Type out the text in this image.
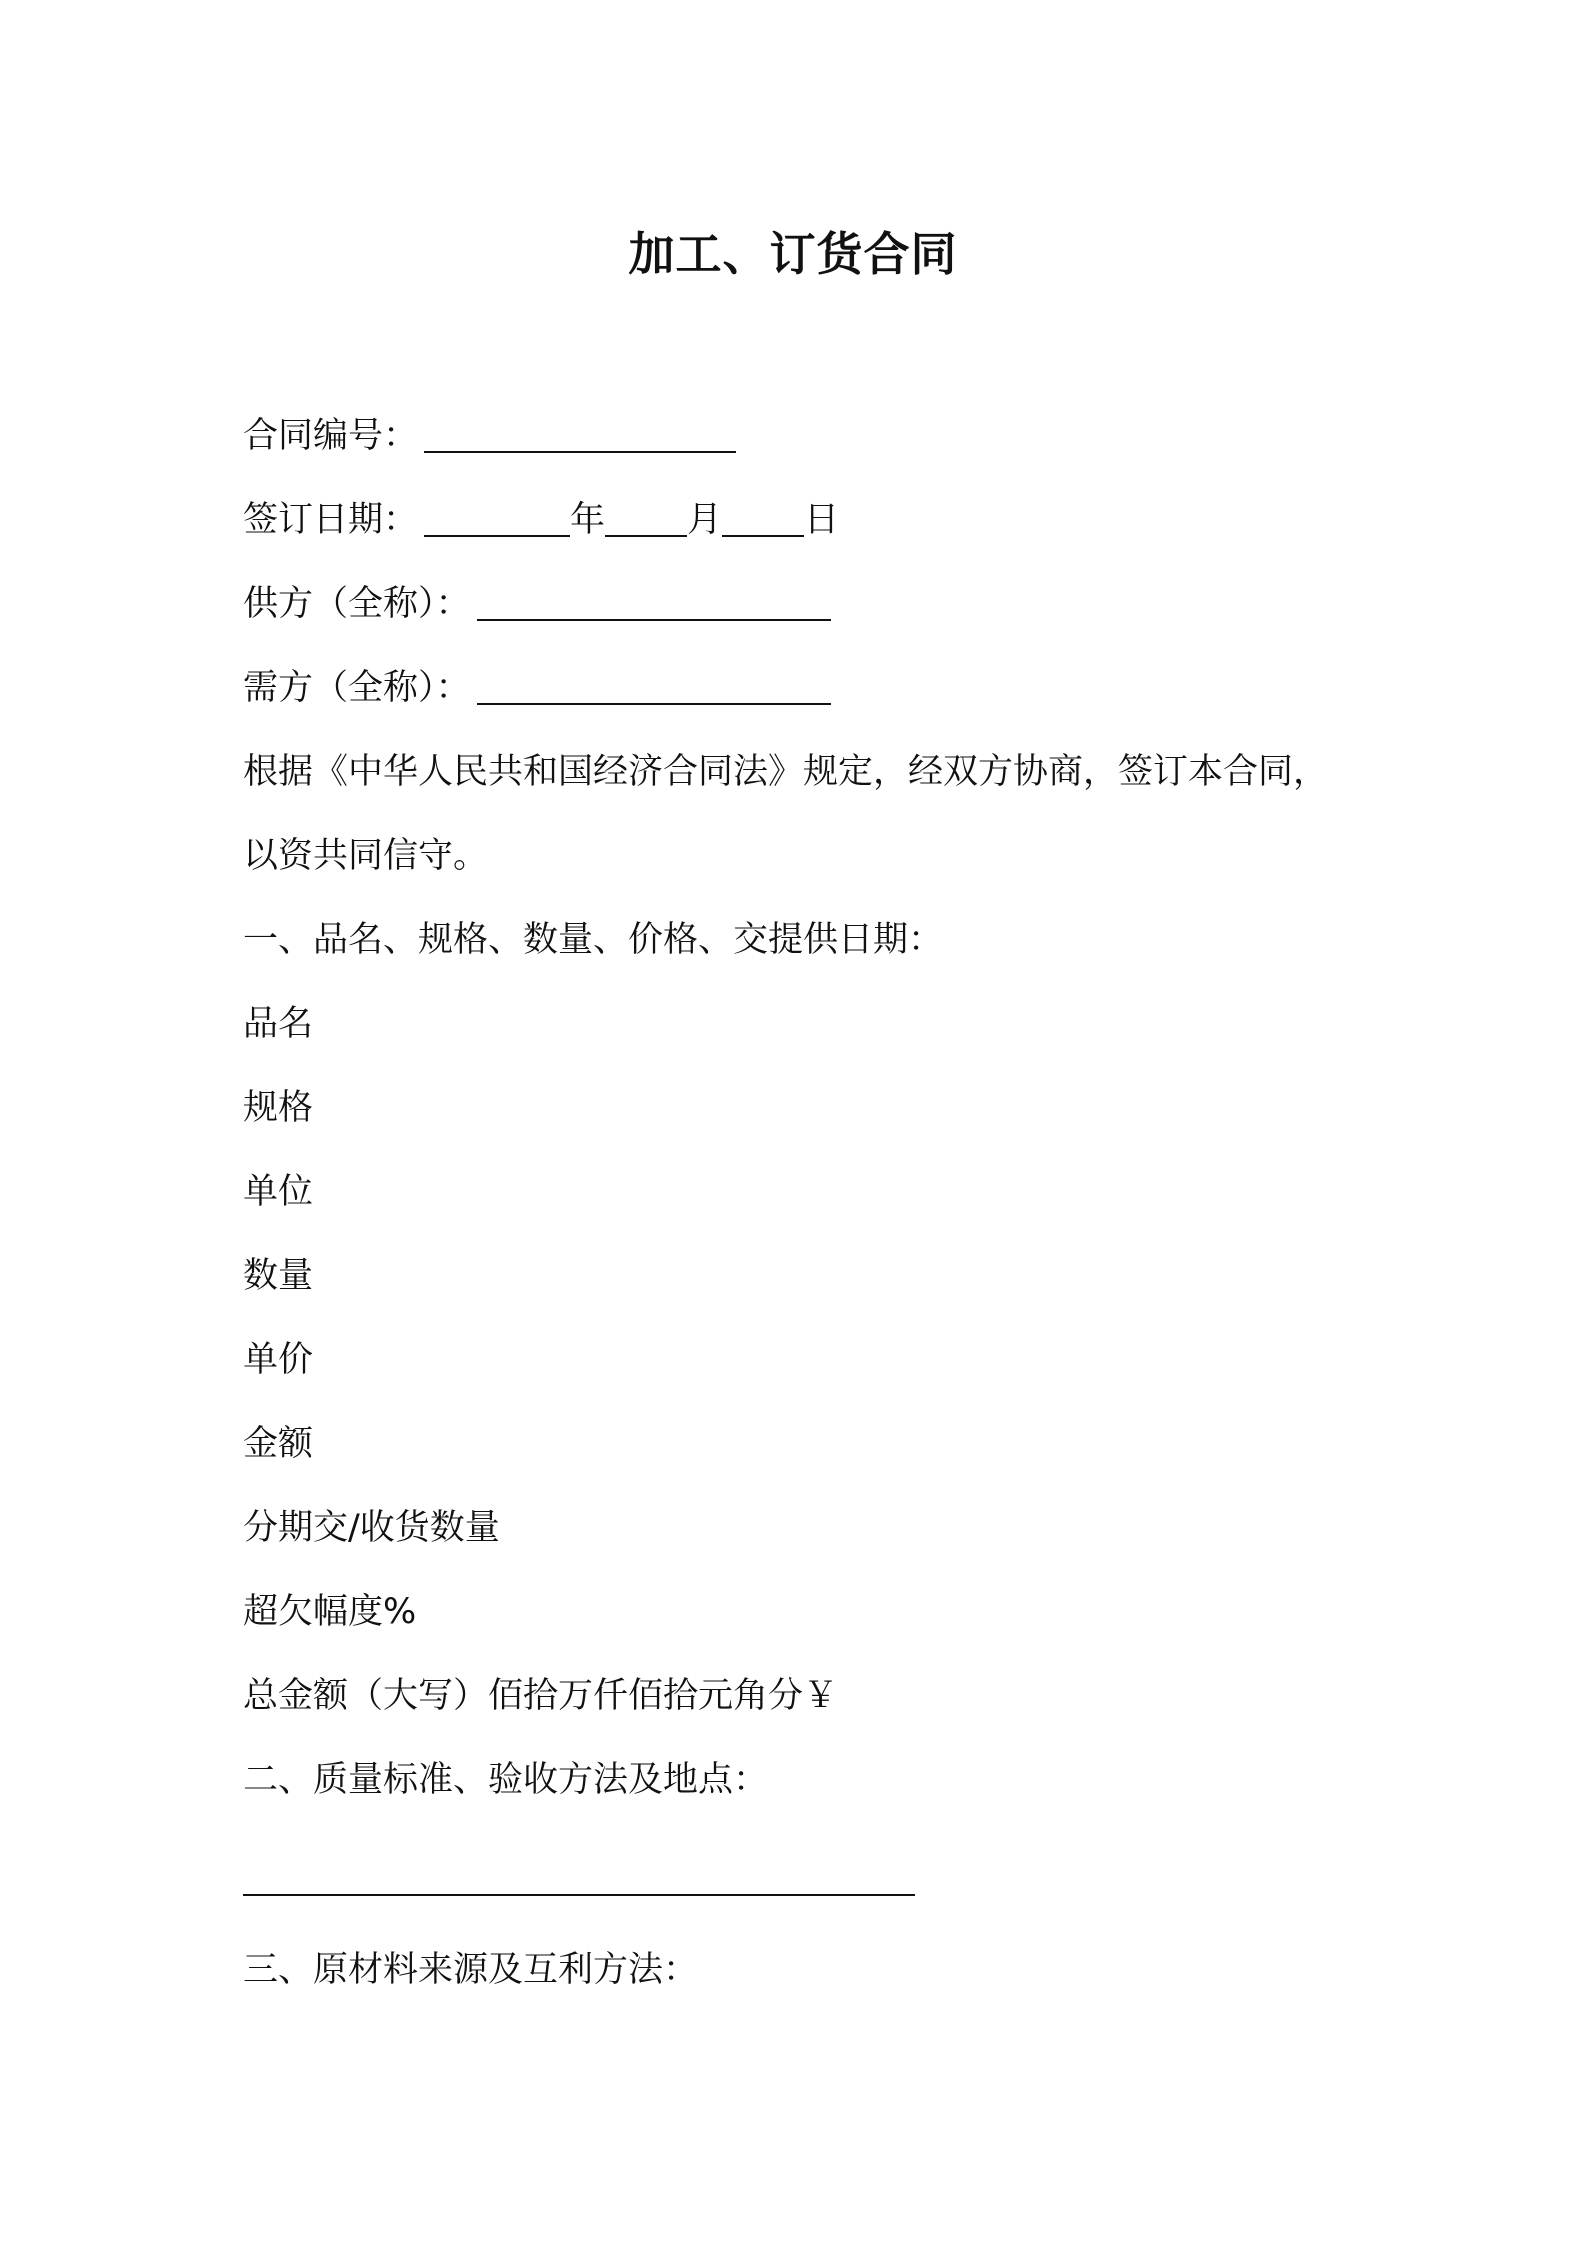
加工、订货合同
合同编号：
签订日期：	年 月 日
供方（全称）：
需方（全称）：
根据《中华人民共和国经济合同法》规定，经双方协商，签订本合同，
以资共同信守。
一、品名、规格、数量、价格、交提供日期：
品名
规格
单位
数量
单价
金额
分期交/收货数量
超欠幅度%
总金额（大写）佰拾万仟佰拾元角分￥
二、质量标准、验收方法及地点：
三、原材料来源及互利方法：
